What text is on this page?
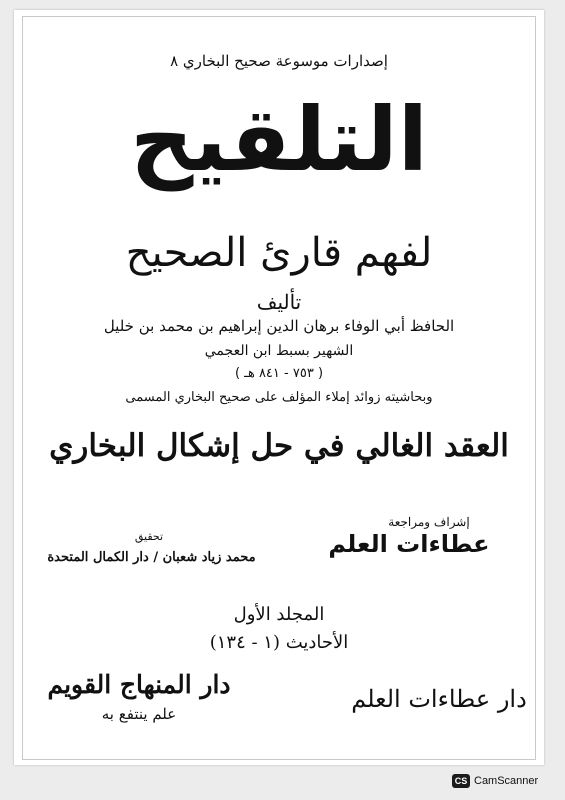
إصدارات موسوعة صحيح البخاري ٨
التلقيح
لفهم قارئ الصحيح
تأليف
الحافظ أبي الوفاء برهان الدين إبراهيم بن محمد بن خليل
الشهير بسبط ابن العجمي
( ٧٥٣ - ٨٤١ هـ )
وبحاشيته زوائد إملاء المؤلف على صحيح البخاري المسمى
العقد الغالي في حل إشكال البخاري
إشراف ومراجعة
عطاءات العلم
تحقيق
محمد زياد شعبان / دار الكمال المتحدة
المجلد الأول
الأحاديث (١ - ١٣٤)
دار المنهاج القويم
علم ينتفع به
دار عطاءات العلم
CS CamScanner
